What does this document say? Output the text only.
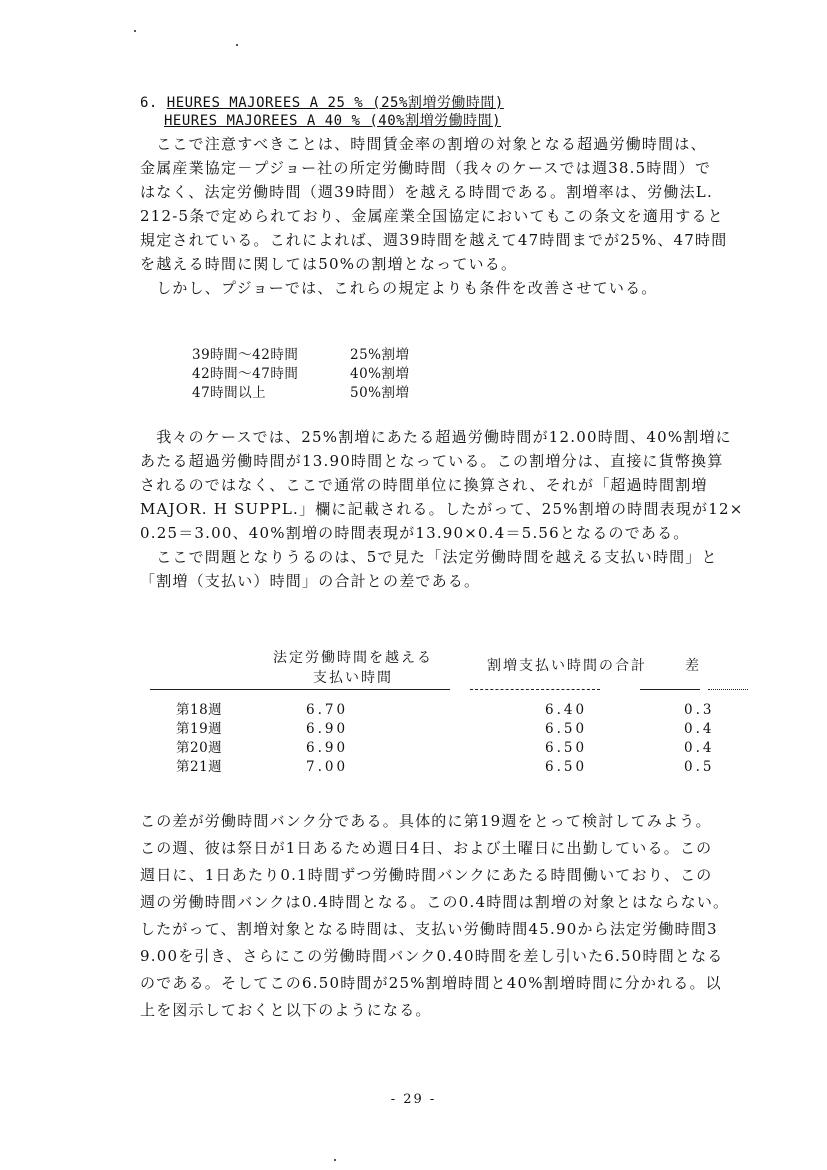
6. HEURES MAJOREES A 25 % (25%割増労働時間)
HEURES MAJOREES A 40 % (40%割増労働時間)
　ここで注意すべきことは、時間賃金率の割増の対象となる超過労働時間は、
金属産業協定－プジョー社の所定労働時間（我々のケースでは週38.5時間）で
はなく、法定労働時間（週39時間）を越える時間である。割増率は、労働法L.
212-5条で定められており、金属産業全国協定においてもこの条文を適用すると
規定されている。これによれば、週39時間を越えて47時間までが25%、47時間
を越える時間に関しては50%の割増となっている。
　しかし、プジョーでは、これらの規定よりも条件を改善させている。
39時間～42時間	25%割増
42時間～47時間	40%割増
47時間以上	50%割増
　我々のケースでは、25%割増にあたる超過労働時間が12.00時間、40%割増に
あたる超過労働時間が13.90時間となっている。この割増分は、直接に貨幣換算
されるのではなく、ここで通常の時間単位に換算され、それが「超過時間割増
MAJOR. H SUPPL.」欄に記載される。したがって、25%割増の時間表現が12×
0.25＝3.00、40%割増の時間表現が13.90×0.4＝5.56となるのである。
　ここで問題となりうるのは、5で見た「法定労働時間を越える支払い時間」と
「割増（支払い）時間」の合計との差である。
法定労働時間を越える
支払い時間
割増支払い時間の合計	差
第18週	6.70	6.40	0.3
第19週	6.90	6.50	0.4
第20週	6.90	6.50	0.4
第21週	7.00	6.50	0.5
この差が労働時間バンク分である。具体的に第19週をとって検討してみよう。
この週、彼は祭日が1日あるため週日4日、および土曜日に出勤している。この
週日に、1日あたり0.1時間ずつ労働時間バンクにあたる時間働いており、この
週の労働時間バンクは0.4時間となる。この0.4時間は割増の対象とはならない。
したがって、割増対象となる時間は、支払い労働時間45.90から法定労働時間3
9.00を引き、さらにこの労働時間バンク0.40時間を差し引いた6.50時間となる
のである。そしてこの6.50時間が25%割増時間と40%割増時間に分かれる。以
上を図示しておくと以下のようになる。
- 29 -
